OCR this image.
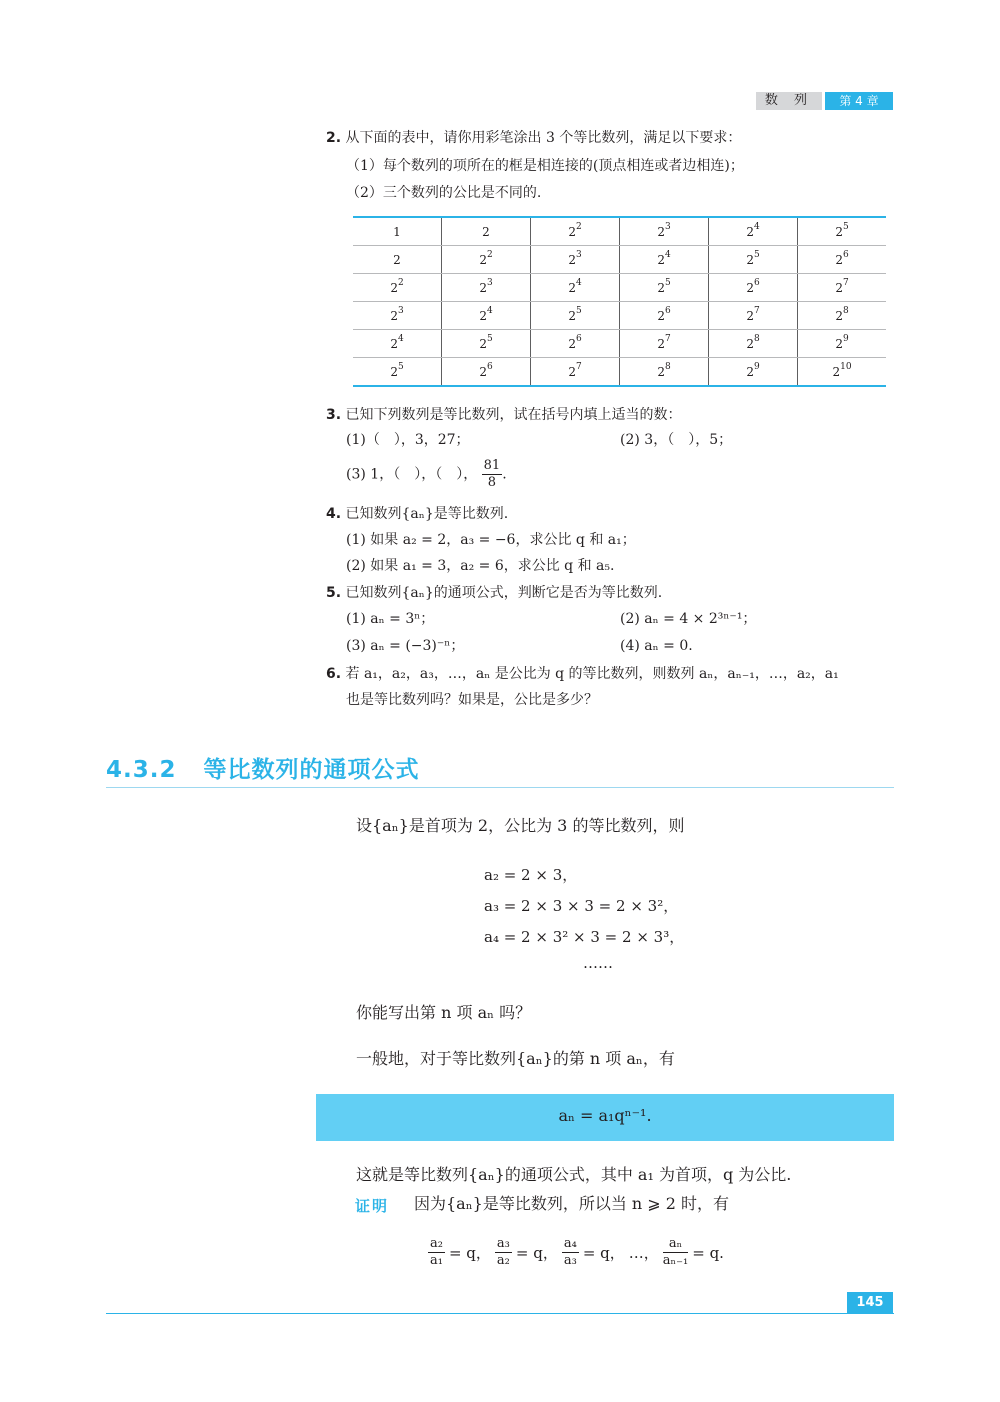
数 列	第 4 章
2. 从下面的表中，请你用彩笔涂出 3 个等比数列，满足以下要求：
（1）每个数列的项所在的框是相连接的(顶点相连或者边相连)；
（2）三个数列的公比是不同的.
1	2	$2^2$	$2^3$	$2^4$	$2^5$
2	$2^2$	$2^3$	$2^4$	$2^5$	$2^6$
$2^2$	$2^3$	$2^4$	$2^5$	$2^6$	$2^7$
$2^3$	$2^4$	$2^5$	$2^6$	$2^7$	$2^8$
$2^4$	$2^5$	$2^6$	$2^7$	$2^8$	$2^9$
$2^5$	$2^6$	$2^7$	$2^8$	$2^9$	$2^{10}$
3. 已知下列数列是等比数列，试在括号内填上适当的数：
(1)（　），3，27；	(2) 3，（　），5；
(3) 1，（　），（　）， $\frac{81}{8}$ .
4. 已知数列{aₙ}是等比数列.
(1) 如果 a₂ = 2，a₃ = −6，求公比 q 和 a₁；
(2) 如果 a₁ = 3，a₂ = 6，求公比 q 和 a₅.
5. 已知数列{aₙ}的通项公式，判断它是否为等比数列.
(1) aₙ = 3ⁿ；	(2) aₙ = 4 × 2³ⁿ⁻¹；
(3) aₙ = (−3)⁻ⁿ；	(4) aₙ = 0.
6. 若 a₁，a₂，a₃，…，aₙ 是公比为 q 的等比数列，则数列 aₙ，aₙ₋₁，…，a₂，a₁
也是等比数列吗？如果是，公比是多少？
4.3.2 等比数列的通项公式
设{aₙ}是首项为 2，公比为 3 的等比数列，则
a₂ = 2 × 3，
a₃ = 2 × 3 × 3 = 2 × 3²，
a₄ = 2 × 3² × 3 = 2 × 3³，
……
你能写出第 n 项 aₙ 吗？
一般地，对于等比数列{aₙ}的第 n 项 aₙ，有
aₙ = a₁qⁿ⁻¹.
这就是等比数列{aₙ}的通项公式，其中 a₁ 为首项，q 为公比.
证明 因为{aₙ}是等比数列，所以当 n ⩾ 2 时，有
$\frac{\text{a₂}}{\text{a₁}} = q$， $\frac{\text{a₃}}{\text{a₂}} = q$， $\frac{\text{a₄}}{\text{a₃}} = q$， …， $\frac{\text{aₙ}}{\text{aₙ₋₁}} = q$.
145
